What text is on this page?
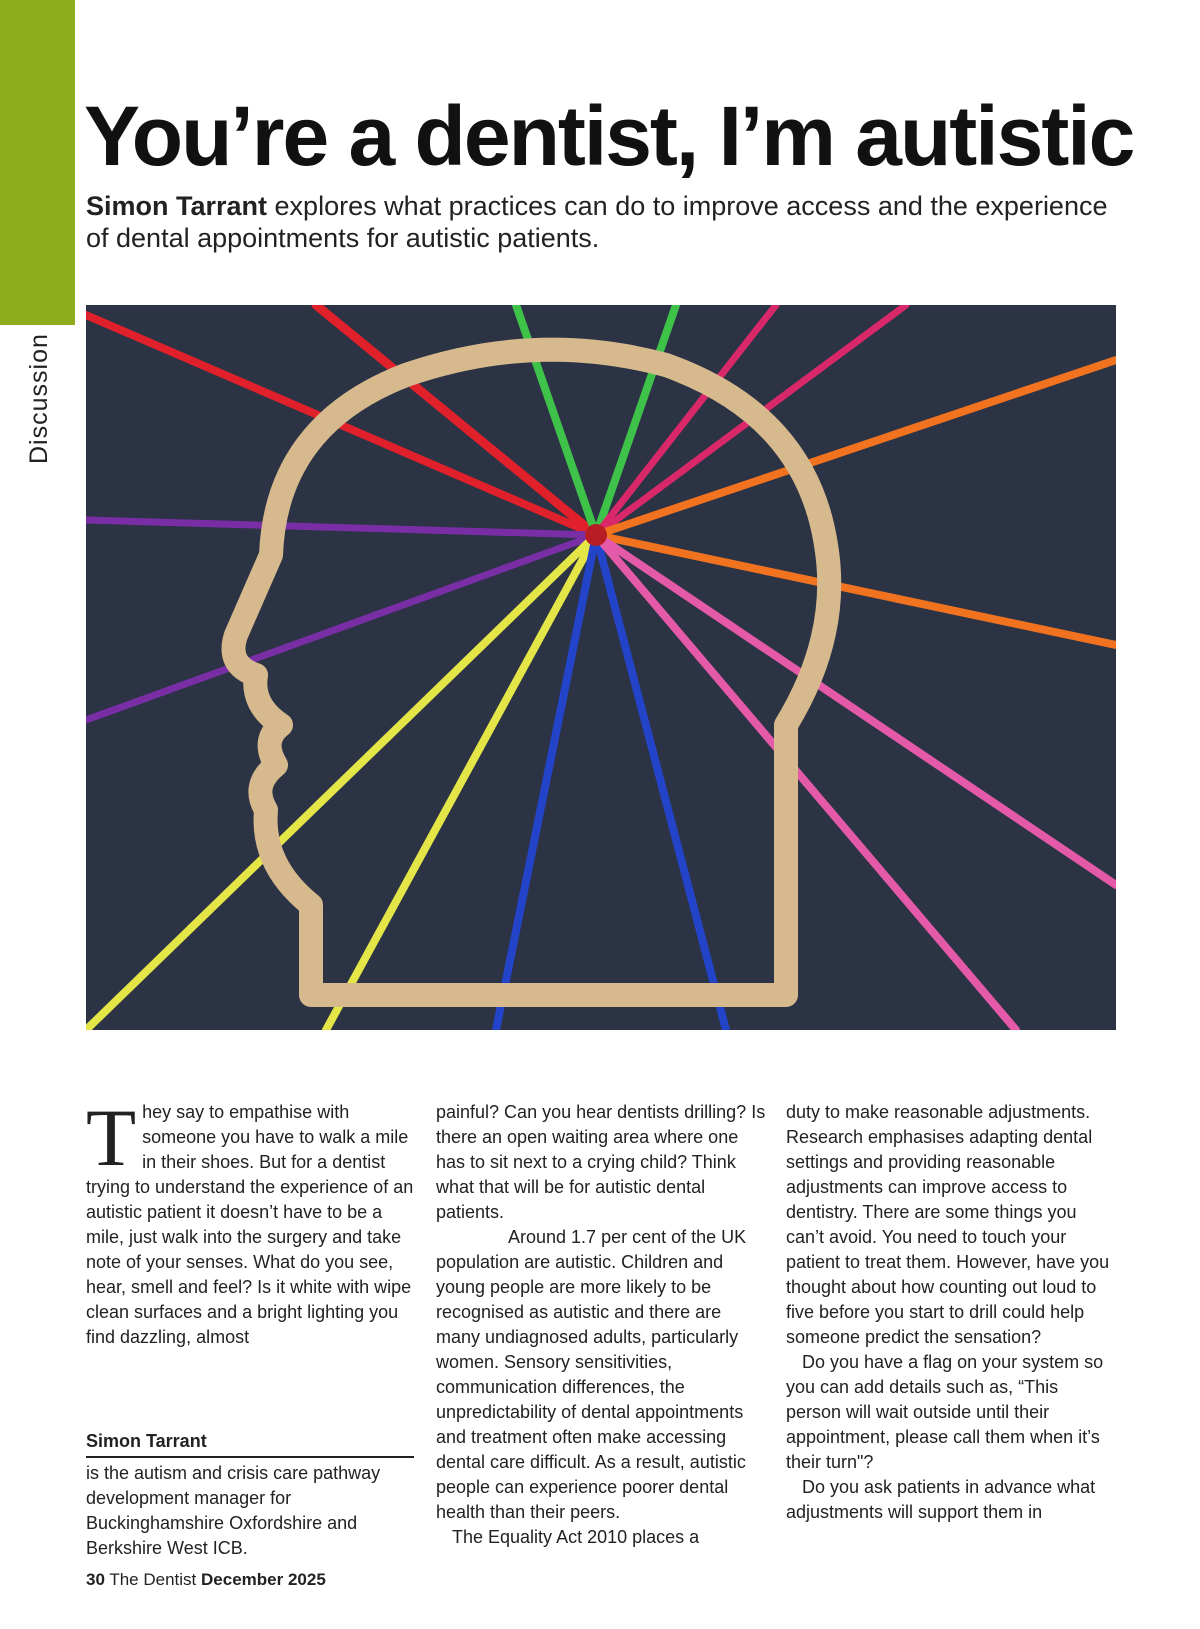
Discussion
You’re a dentist, I’m autistic

Simon Tarrant explores what practices can do to improve access and the experience of dental appointments for autistic patients.

They say to empathise with someone you have to walk a mile in their shoes. But for a dentist trying to understand the experience of an autistic patient it doesn’t have to be a mile, just walk into the surgery and take note of your senses. What do you see, hear, smell and feel? Is it white with wipe clean surfaces and a bright lighting you find dazzling, almost

Simon Tarrant
is the autism and crisis care pathway development manager for Buckinghamshire Oxfordshire and Berkshire West ICB.

painful? Can you hear dentists drilling? Is there an open waiting area where one has to sit next to a crying child? Think what that will be for autistic dental patients.

Around 1.7 per cent of the UK population are autistic. Children and young people are more likely to be recognised as autistic and there are many undiagnosed adults, particularly women. Sensory sensitivities, communication differences, the unpredictability of dental appointments and treatment often make accessing dental care difficult. As a result, autistic people can experience poorer dental health than their peers.

The Equality Act 2010 places a

duty to make reasonable adjustments. Research emphasises adapting dental settings and providing reasonable adjustments can improve access to dentistry. There are some things you can’t avoid. You need to touch your patient to treat them. However, have you thought about how counting out loud to five before you start to drill could help someone predict the sensation?

Do you have a flag on your system so you can add details such as, “This person will wait outside until their appointment, please call them when it’s their turn"?

Do you ask patients in advance what adjustments will support them in

30 The Dentist December 2025
